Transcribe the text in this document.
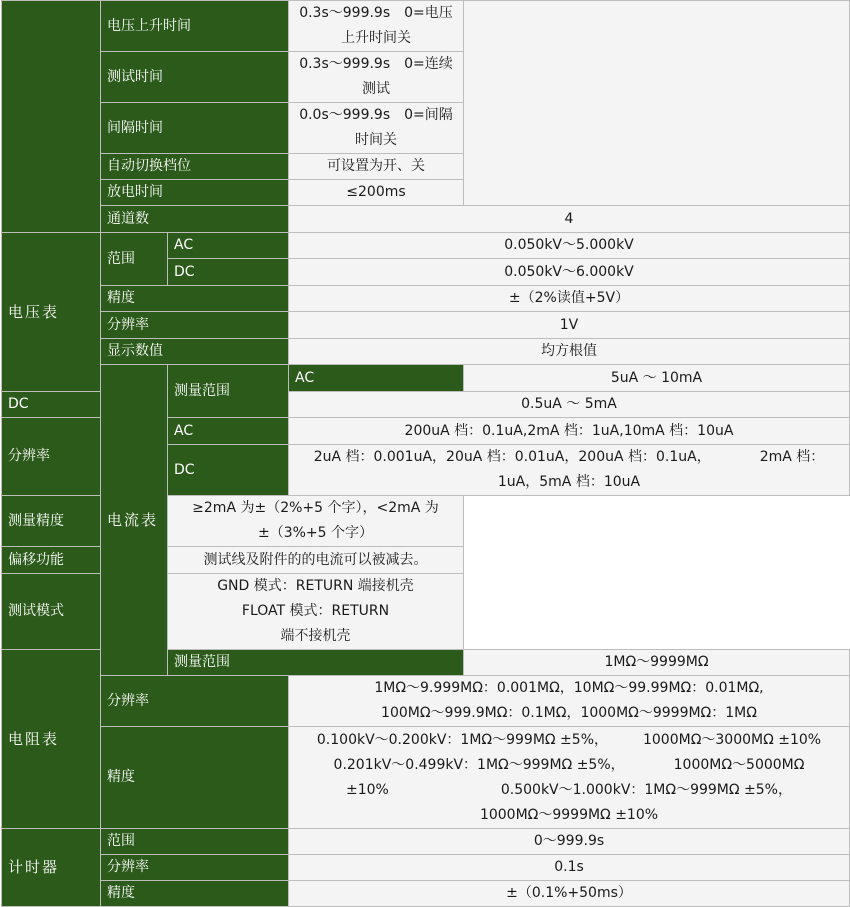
	电压上升时间		0.3s～999.9s　0=电压
上升时间关	
	测试时间		0.3s～999.9s　0=连续
测试	
	间隔时间		0.0s～999.9s　0=间隔
时间关	
	自动切换档位		可设置为开、关	
	放电时间		≤200ms	
	通道数		4	
电压表	范围	AC	0.050kV～5.000kV	
		DC	0.050kV～6.000kV	
	精度		±（2%读值+5V）	
	分辨率		1V	
	显示数值		均方根值	
	电流表	测量范围	AC	5uA ～ 10mA
DC			0.5uA ～ 5mA	
分辨率		AC	200uA 档：0.1uA,2mA 档：1uA,10mA 档：10uA	
		DC	2uA 档：0.001uA，20uA 档：0.01uA，200uA 档：0.1uA，　　　　2mA 档：
1uA，5mA 档：10uA	
测量精度		≥2mA 为±（2%+5 个字），<2mA 为±（3%+5 个字）		
偏移功能		测试线及附件的的电流可以被减去。		
测试模式		GND 模式：RETURN 端接机壳　　　　　　FLOAT 模式：RETURN
端不接机壳		
电阻表		测量范围		1MΩ～9999MΩ
	分辨率		1MΩ～9.999MΩ：0.001MΩ，10MΩ～99.99MΩ：0.01MΩ,
100MΩ～999.9MΩ：0.1MΩ，1000MΩ～9999MΩ：1MΩ	
	精度		0.100kV～0.200kV：1MΩ～999MΩ ±5%，　　　1000MΩ～3000MΩ ±10%
0.201kV～0.499kV：1MΩ～999MΩ ±5%，　　　　1000MΩ～5000MΩ
±10%　　　　　　　　0.500kV～1.000kV：1MΩ～999MΩ ±5%，
1000MΩ～9999MΩ ±10%	
计时器	范围		0～999.9s	
	分辨率		0.1s	
	精度		±（0.1%+50ms）	
